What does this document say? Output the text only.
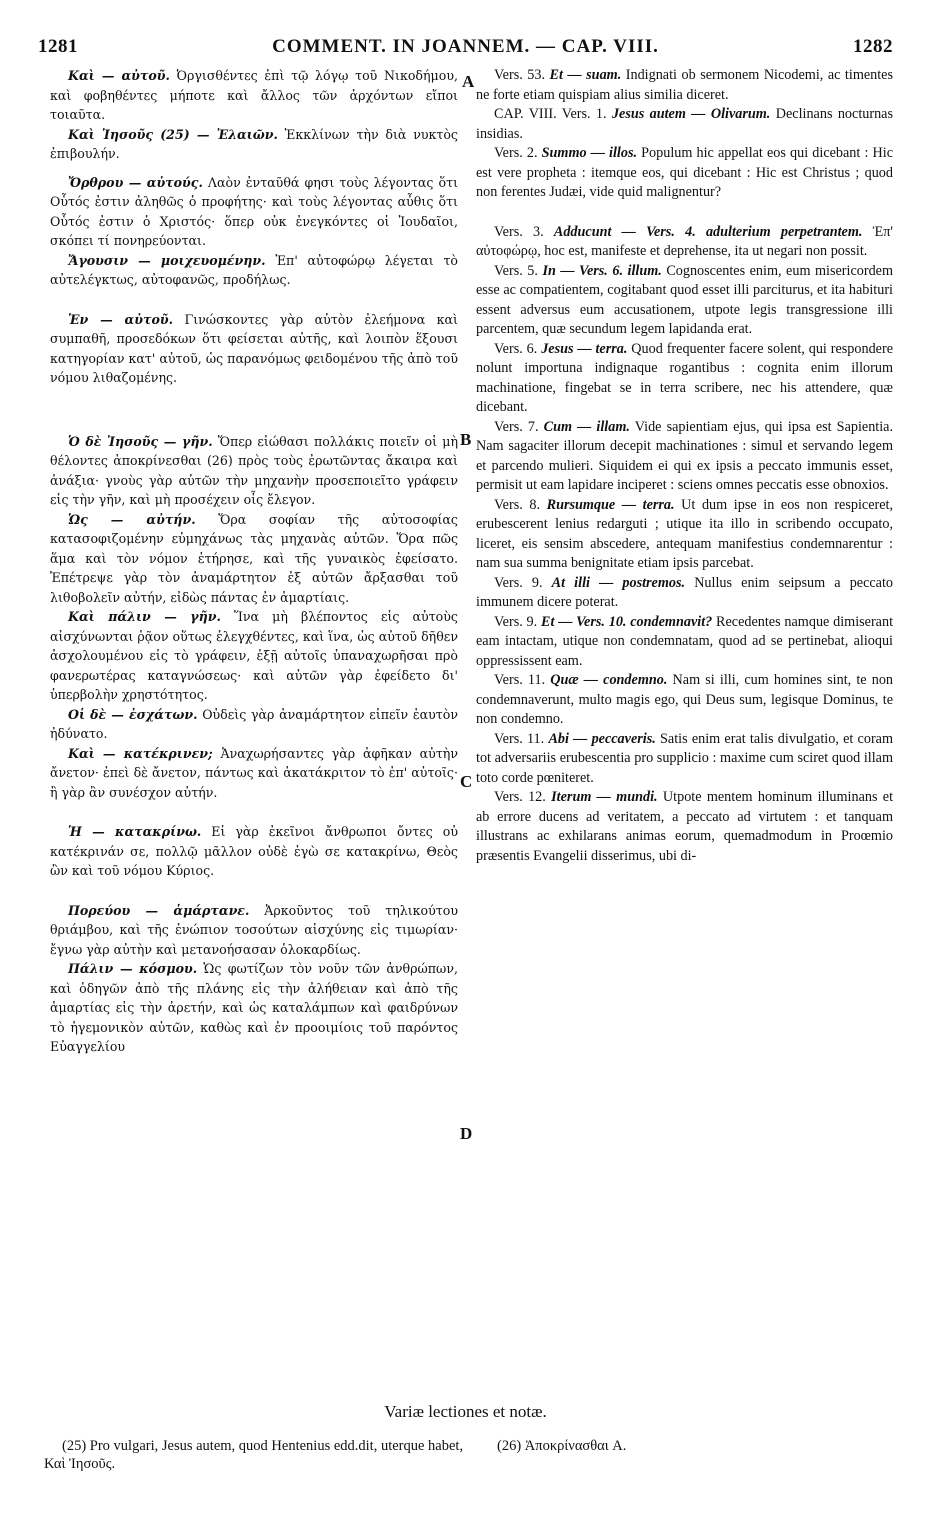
1281	COMMENT. IN JOANNEM. — CAP. VIII.	1282
A
B
C
D

Καὶ — αὐτοῦ. Ὀργισθέντες ἐπὶ τῷ λόγῳ τοῦ Νικοδήμου, καὶ φοβηθέντες μήποτε καὶ ἄλλος τῶν ἀρχόντων εἴποι τοιαῦτα.

Καὶ Ἰησοῦς (25) — Ἐλαιῶν. Ἐκκλίνων τὴν διὰ νυκτὸς ἐπιβουλήν.

Ὄρθρου — αὐτούς. Λαὸν ἐνταῦθά φησι τοὺς λέγοντας ὅτι Οὗτός ἐστιν ἀληθῶς ὁ προφήτης· καὶ τοὺς λέγοντας αὖθις ὅτι Οὗτός ἐστιν ὁ Χριστός· ὅπερ οὐκ ἐνεγκόντες οἱ Ἰουδαῖοι, σκόπει τί πονηρεύονται.

Ἄγουσιν — μοιχευομένην. Ἐπ' αὐτοφώρῳ λέγεται τὸ αὐτελέγκτως, αὐτοφανῶς, προδήλως.

Ἐν — αὐτοῦ. Γινώσκοντες γὰρ αὐτὸν ἐλεήμονα καὶ συμπαθῆ, προσεδόκων ὅτι φείσεται αὐτῆς, καὶ λοιπὸν ἕξουσι κατηγορίαν κατ' αὐτοῦ, ὡς παρανόμως φειδομένου τῆς ἀπὸ τοῦ νόμου λιθαζομένης.

Ὁ δὲ Ἰησοῦς — γῆν. Ὅπερ εἰώθασι πολλάκις ποιεῖν οἱ μὴ θέλοντες ἀποκρίνεσθαι (26) πρὸς τοὺς ἐρωτῶντας ἄκαιρα καὶ ἀνάξια· γνοὺς γὰρ αὐτῶν τὴν μηχανὴν προσεποιεῖτο γράφειν εἰς τὴν γῆν, καὶ μὴ προσέχειν οἷς ἔλεγον.

Ὡς — αὐτήν. Ὅρα σοφίαν τῆς αὐτοσοφίας κατασοφιζομένην εὐμηχάνως τὰς μηχανὰς αὐτῶν. Ὅρα πῶς ἅμα καὶ τὸν νόμον ἐτήρησε, καὶ τῆς γυναικὸς ἐφείσατο. Ἐπέτρεψε γὰρ τὸν ἀναμάρτητον ἐξ αὐτῶν ἄρξασθαι τοῦ λιθοβολεῖν αὐτήν, εἰδὼς πάντας ἐν ἁμαρτίαις.

Καὶ πάλιν — γῆν. Ἵνα μὴ βλέποντος εἰς αὐτοὺς αἰσχύνωνται ῥᾷον οὕτως ἐλεγχθέντες, καὶ ἵνα, ὡς αὐτοῦ δῆθεν ἀσχολουμένου εἰς τὸ γράφειν, ἐξῇ αὐτοῖς ὑπαναχωρῆσαι πρὸ φανερωτέρας καταγνώσεως· καὶ αὐτῶν γὰρ ἐφείδετο δι' ὑπερβολὴν χρηστότητος.

Οἱ δὲ — ἐσχάτων. Οὐδεὶς γὰρ ἀναμάρτητον εἰπεῖν ἑαυτὸν ἠδύνατο.

Καὶ — κατέκρινεν; Ἀναχωρήσαντες γὰρ ἀφῆκαν αὐτὴν ἄνετον· ἐπεὶ δὲ ἄνετον, πάντως καὶ ἀκατάκριτον τὸ ἐπ' αὐτοῖς· ἢ γὰρ ἂν συνέσχον αὐτήν.

Ἡ — κατακρίνω. Εἰ γὰρ ἐκεῖνοι ἄνθρωποι ὄντες οὐ κατέκρινάν σε, πολλῷ μᾶλλον οὐδὲ ἐγὼ σε κατακρίνω, Θεὸς ὢν καὶ τοῦ νόμου Κύριος.

Πορεύου — ἁμάρτανε. Ἀρκοῦντος τοῦ τηλικούτου θριάμβου, καὶ τῆς ἐνώπιον τοσούτων αἰσχύνης εἰς τιμωρίαν· ἔγνω γὰρ αὐτὴν καὶ μετανοήσασαν ὁλοκαρδίως.

Πάλιν — κόσμου. Ὡς φωτίζων τὸν νοῦν τῶν ἀνθρώπων, καὶ ὁδηγῶν ἀπὸ τῆς πλάνης εἰς τὴν ἀλήθειαν καὶ ἀπὸ τῆς ἁμαρτίας εἰς τὴν ἀρετήν, καὶ ὡς καταλάμπων καὶ φαιδρύνων τὸ ἡγεμονικὸν αὐτῶν, καθὼς καὶ ἐν προοιμίοις τοῦ παρόντος Εὐαγγελίου

Vers. 53. Et — suam. Indignati ob sermonem Nicodemi, ac timentes ne forte etiam quispiam alius similia diceret.

CAP. VIII. Vers. 1. Jesus autem — Olivarum. Declinans nocturnas insidias.

Vers. 2. Summo — illos. Populum hic appellat eos qui dicebant : Hic est vere propheta : itemque eos, qui dicebant : Hic est Christus ; quod non ferentes Judæi, vide quid malignentur?

Vers. 3. Adducunt — Vers. 4. adulterium perpetrantem. Ἐπ' αὐτοφώρῳ, hoc est, manifeste et deprehense, ita ut negari non possit.

Vers. 5. In — Vers. 6. illum. Cognoscentes enim, eum misericordem esse ac compatientem, cogitabant quod esset illi parciturus, et ita habituri essent adversus eum accusationem, utpote legis transgressione illi parcentem, quæ secundum legem lapidanda erat.

Vers. 6. Jesus — terra. Quod frequenter facere solent, qui respondere nolunt importuna indignaque rogantibus : cognita enim illorum machinatione, fingebat se in terra scribere, nec his attendere, quæ dicebant.

Vers. 7. Cum — illam. Vide sapientiam ejus, qui ipsa est Sapientia. Nam sagaciter illorum decepit machinationes : simul et servando legem et parcendo mulieri. Siquidem ei qui ex ipsis a peccato immunis esset, permisit ut eam lapidare inciperet : sciens omnes peccatis esse obnoxios.

Vers. 8. Rursumque — terra. Ut dum ipse in eos non respiceret, erubescerent lenius redarguti ; utique ita illo in scribendo occupato, liceret, eis sensim abscedere, antequam manifestius condemnarentur : nam sua summa benignitate etiam ipsis parcebat.

Vers. 9. At illi — postremos. Nullus enim seipsum a peccato immunem dicere poterat.

Vers. 9. Et — Vers. 10. condemnavit? Recedentes namque dimiserant eam intactam, utique non condemnatam, quod ad se pertinebat, alioqui oppressissent eam.

Vers. 11. Quæ — condemno. Nam si illi, cum homines sint, te non condemnaverunt, multo magis ego, qui Deus sum, legisque Dominus, te non condemno.

Vers. 11. Abi — peccaveris. Satis enim erat talis divulgatio, et coram tot adversariis erubescentia pro supplicio : maxime cum sciret quod illam toto corde pœniteret.

Vers. 12. Iterum — mundi. Utpote mentem hominum illuminans et ab errore ducens ad veritatem, a peccato ad virtutem : et tanquam illustrans ac exhilarans animas eorum, quemadmodum in Proœmio præsentis Evangelii disserimus, ubi di-

Variæ lectiones et notæ.
(25) Pro vulgari, Jesus autem, quod Hentenius edd.dit, uterque habet, Καὶ Ἰησοῦς.
(26) Ἀποκρίνασθαι A.
